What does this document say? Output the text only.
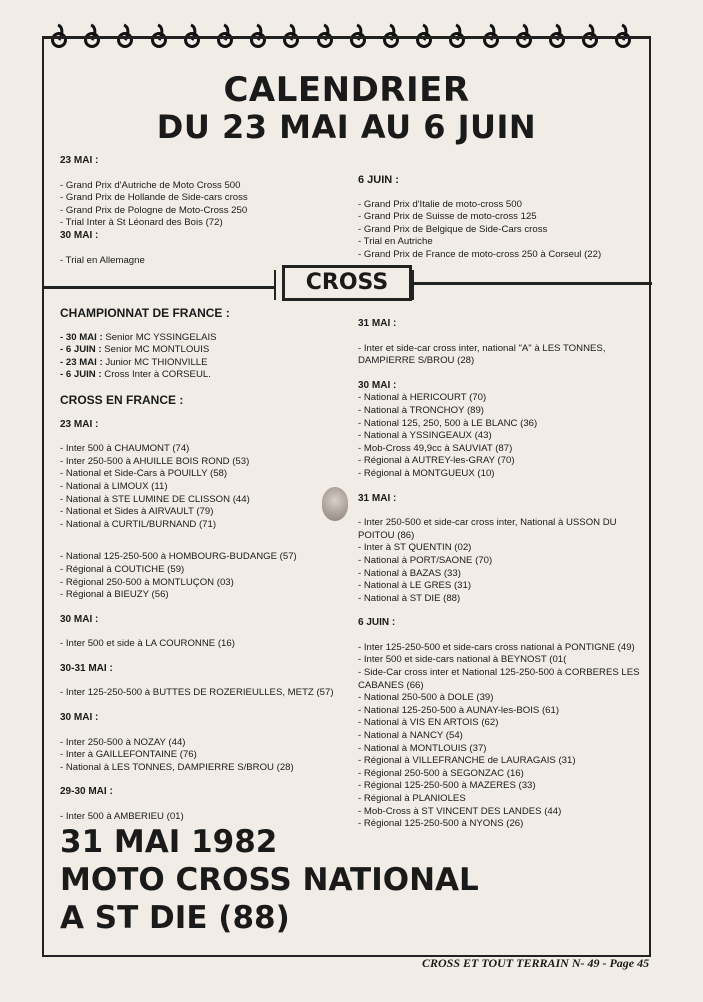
CALENDRIER
DU 23 MAI AU 6 JUIN

23 MAI :

- Grand Prix d'Autriche de Moto Cross 500

- Grand Prix de Hollande de Side-cars cross

- Grand Prix de Pologne de Moto-Cross 250

- Trial Inter à St Léonard des Bois (72)

30 MAI :

- Trial en Allemagne

6 JUIN :

- Grand Prix d'Italie de moto-cross 500

- Grand Prix de Suisse de moto-cross 125

- Grand Prix de Belgique de Side-Cars cross

- Trial en Autriche

- Grand Prix de France de moto-cross 250 à Corseul (22)

CROSS

CHAMPIONNAT DE FRANCE :

- 30 MAI : Senior MC YSSINGELAIS

- 6 JUIN : Senior MC MONTLOUIS

- 23 MAI : Junior MC THIONVILLE

- 6 JUIN : Cross Inter à CORSEUL.

CROSS EN FRANCE :

23 MAI :

- Inter 500 à CHAUMONT (74)

- Inter 250-500 à AHUILLE BOIS ROND (53)

- National et Side-Cars à POUILLY (58)

- National à LIMOUX (11)

- National à STE LUMINE DE CLISSON (44)

- National et Sides à AIRVAULT (79)

- National à CURTIL/BURNAND (71)

- National 125-250-500 à HOMBOURG-BUDANGE (57)

- Régional à COUTICHE (59)

- Régional 250-500 à MONTLUÇON (03)

- Régional à BIEUZY (56)

30 MAI :

- Inter 500 et side à LA COURONNE (16)

30-31 MAI :

- Inter 125-250-500 à BUTTES DE ROZERIEULLES, METZ (57)

30 MAI :

- Inter 250-500 à NOZAY (44)

- Inter à GAILLEFONTAINE (76)

- National à LES TONNES, DAMPIERRE S/BROU (28)

29-30 MAI :

- Inter 500 à AMBERIEU (01)

31 MAI :

- Inter et side-car cross inter, national "A" à LES TONNES, DAMPIERRE S/BROU (28)

30 MAI :

- National à HERICOURT (70)

- National à TRONCHOY (89)

- National 125, 250, 500 à LE BLANC (36)

- National à YSSINGEAUX (43)

- Mob-Cross 49,9cc à SAUVIAT (87)

- Régional à AUTREY-les-GRAY (70)

- Régional à MONTGUEUX (10)

31 MAI :

- Inter 250-500 et side-car cross inter, National à USSON DU POITOU (86)

- Inter à ST QUENTIN (02)

- National à PORT/SAONE (70)

- National à BAZAS (33)

- National à LE GRES (31)

- National à ST DIE (88)

6 JUIN :

- Inter 125-250-500 et side-cars cross national à PONTIGNE (49)

- Inter 500 et side-cars national à BEYNOST (01(

- Side-Car cross inter et National 125-250-500 à CORBERES LES CABANES (66)

- National 250-500 à DOLE (39)

- National 125-250-500 à AUNAY-les-BOIS (61)

- National à VIS EN ARTOIS (62)

- National à NANCY (54)

- National à MONTLOUIS (37)

- Régional à VILLEFRANCHE de LAURAGAIS (31)

- Régional 250-500 à SEGONZAC (16)

- Régional 125-250-500 à MAZERES (33)

- Régional à PLANIOLES

- Mob-Cross à ST VINCENT DES LANDES (44)

- Régional 125-250-500 à NYONS (26)

31 MAI 1982

MOTO CROSS NATIONAL

A ST DIE (88)

CROSS ET TOUT TERRAIN N- 49 - Page 45
